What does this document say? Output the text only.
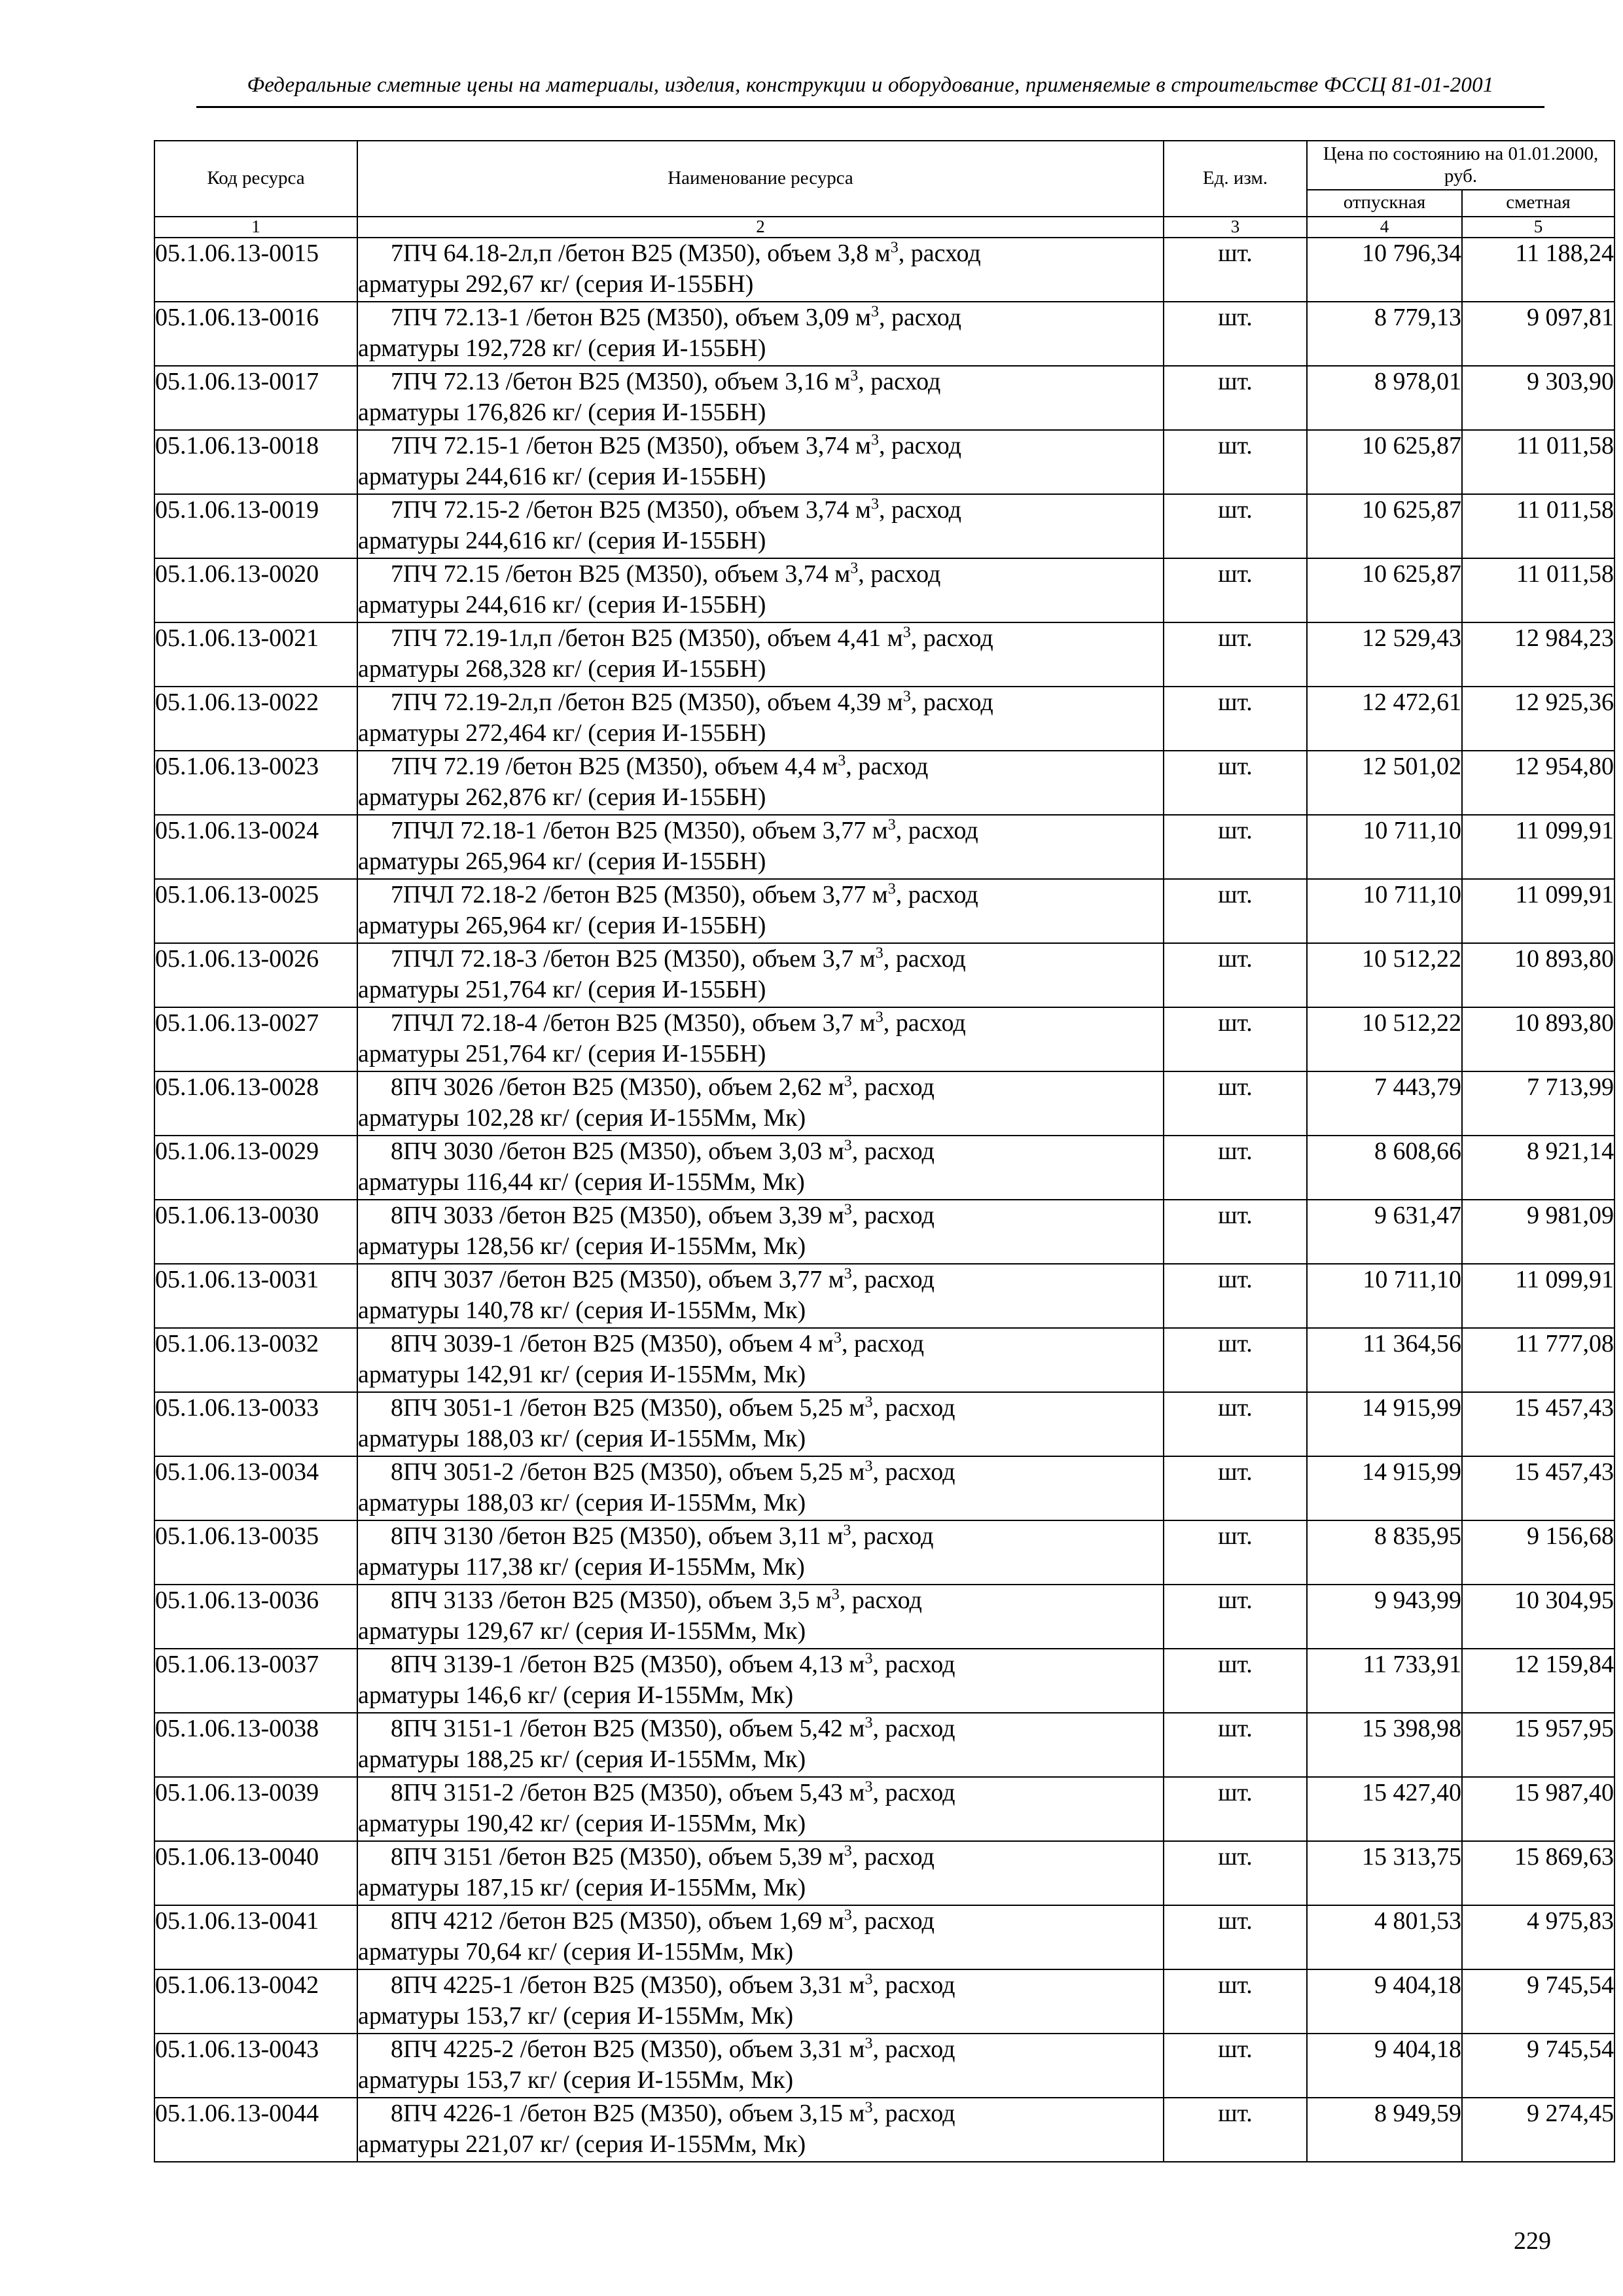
Федеральные сметные цены на материалы, изделия, конструкции и оборудование, применяемые в строительстве ФССЦ 81-01-2001
Код ресурса	Наименование ресурса	Ед. изм.	Цена по состоянию на 01.01.2000, руб.	
			отпускная	сметная
1	2	3	4	5
05.1.06.13-0015	7ПЧ 64.18-2л,п /бетон В25 (М350), объем 3,8 $м^3$, расход
арматуры 292,67 кг/ (серия И-155БН)	шт.	10 796,34	11 188,24
05.1.06.13-0016	7ПЧ 72.13-1 /бетон В25 (М350), объем 3,09 $м^3$, расход
арматуры 192,728 кг/ (серия И-155БН)	шт.	8 779,13	9 097,81
05.1.06.13-0017	7ПЧ 72.13 /бетон В25 (М350), объем 3,16 $м^3$, расход
арматуры 176,826 кг/ (серия И-155БН)	шт.	8 978,01	9 303,90
05.1.06.13-0018	7ПЧ 72.15-1 /бетон В25 (М350), объем 3,74 $м^3$, расход
арматуры 244,616 кг/ (серия И-155БН)	шт.	10 625,87	11 011,58
05.1.06.13-0019	7ПЧ 72.15-2 /бетон В25 (М350), объем 3,74 $м^3$, расход
арматуры 244,616 кг/ (серия И-155БН)	шт.	10 625,87	11 011,58
05.1.06.13-0020	7ПЧ 72.15 /бетон В25 (М350), объем 3,74 $м^3$, расход
арматуры 244,616 кг/ (серия И-155БН)	шт.	10 625,87	11 011,58
05.1.06.13-0021	7ПЧ 72.19-1л,п /бетон В25 (М350), объем 4,41 $м^3$, расход
арматуры 268,328 кг/ (серия И-155БН)	шт.	12 529,43	12 984,23
05.1.06.13-0022	7ПЧ 72.19-2л,п /бетон В25 (М350), объем 4,39 $м^3$, расход
арматуры 272,464 кг/ (серия И-155БН)	шт.	12 472,61	12 925,36
05.1.06.13-0023	7ПЧ 72.19 /бетон В25 (М350), объем 4,4 $м^3$, расход
арматуры 262,876 кг/ (серия И-155БН)	шт.	12 501,02	12 954,80
05.1.06.13-0024	7ПЧЛ 72.18-1 /бетон В25 (М350), объем 3,77 $м^3$, расход
арматуры 265,964 кг/ (серия И-155БН)	шт.	10 711,10	11 099,91
05.1.06.13-0025	7ПЧЛ 72.18-2 /бетон В25 (М350), объем 3,77 $м^3$, расход
арматуры 265,964 кг/ (серия И-155БН)	шт.	10 711,10	11 099,91
05.1.06.13-0026	7ПЧЛ 72.18-3 /бетон В25 (М350), объем 3,7 $м^3$, расход
арматуры 251,764 кг/ (серия И-155БН)	шт.	10 512,22	10 893,80
05.1.06.13-0027	7ПЧЛ 72.18-4 /бетон В25 (М350), объем 3,7 $м^3$, расход
арматуры 251,764 кг/ (серия И-155БН)	шт.	10 512,22	10 893,80
05.1.06.13-0028	8ПЧ 3026 /бетон В25 (М350), объем 2,62 $м^3$, расход
арматуры 102,28 кг/ (серия И-155Мм, Мк)	шт.	7 443,79	7 713,99
05.1.06.13-0029	8ПЧ 3030 /бетон В25 (М350), объем 3,03 $м^3$, расход
арматуры 116,44 кг/ (серия И-155Мм, Мк)	шт.	8 608,66	8 921,14
05.1.06.13-0030	8ПЧ 3033 /бетон В25 (М350), объем 3,39 $м^3$, расход
арматуры 128,56 кг/ (серия И-155Мм, Мк)	шт.	9 631,47	9 981,09
05.1.06.13-0031	8ПЧ 3037 /бетон В25 (М350), объем 3,77 $м^3$, расход
арматуры 140,78 кг/ (серия И-155Мм, Мк)	шт.	10 711,10	11 099,91
05.1.06.13-0032	8ПЧ 3039-1 /бетон В25 (М350), объем 4 $м^3$, расход
арматуры 142,91 кг/ (серия И-155Мм, Мк)	шт.	11 364,56	11 777,08
05.1.06.13-0033	8ПЧ 3051-1 /бетон В25 (М350), объем 5,25 $м^3$, расход
арматуры 188,03 кг/ (серия И-155Мм, Мк)	шт.	14 915,99	15 457,43
05.1.06.13-0034	8ПЧ 3051-2 /бетон В25 (М350), объем 5,25 $м^3$, расход
арматуры 188,03 кг/ (серия И-155Мм, Мк)	шт.	14 915,99	15 457,43
05.1.06.13-0035	8ПЧ 3130 /бетон В25 (М350), объем 3,11 $м^3$, расход
арматуры 117,38 кг/ (серия И-155Мм, Мк)	шт.	8 835,95	9 156,68
05.1.06.13-0036	8ПЧ 3133 /бетон В25 (М350), объем 3,5 $м^3$, расход
арматуры 129,67 кг/ (серия И-155Мм, Мк)	шт.	9 943,99	10 304,95
05.1.06.13-0037	8ПЧ 3139-1 /бетон В25 (М350), объем 4,13 $м^3$, расход
арматуры 146,6 кг/ (серия И-155Мм, Мк)	шт.	11 733,91	12 159,84
05.1.06.13-0038	8ПЧ 3151-1 /бетон В25 (М350), объем 5,42 $м^3$, расход
арматуры 188,25 кг/ (серия И-155Мм, Мк)	шт.	15 398,98	15 957,95
05.1.06.13-0039	8ПЧ 3151-2 /бетон В25 (М350), объем 5,43 $м^3$, расход
арматуры 190,42 кг/ (серия И-155Мм, Мк)	шт.	15 427,40	15 987,40
05.1.06.13-0040	8ПЧ 3151 /бетон В25 (М350), объем 5,39 $м^3$, расход
арматуры 187,15 кг/ (серия И-155Мм, Мк)	шт.	15 313,75	15 869,63
05.1.06.13-0041	8ПЧ 4212 /бетон В25 (М350), объем 1,69 $м^3$, расход
арматуры 70,64 кг/ (серия И-155Мм, Мк)	шт.	4 801,53	4 975,83
05.1.06.13-0042	8ПЧ 4225-1 /бетон В25 (М350), объем 3,31 $м^3$, расход
арматуры 153,7 кг/ (серия И-155Мм, Мк)	шт.	9 404,18	9 745,54
05.1.06.13-0043	8ПЧ 4225-2 /бетон В25 (М350), объем 3,31 $м^3$, расход
арматуры 153,7 кг/ (серия И-155Мм, Мк)	шт.	9 404,18	9 745,54
05.1.06.13-0044	8ПЧ 4226-1 /бетон В25 (М350), объем 3,15 $м^3$, расход
арматуры 221,07 кг/ (серия И-155Мм, Мк)	шт.	8 949,59	9 274,45
229
